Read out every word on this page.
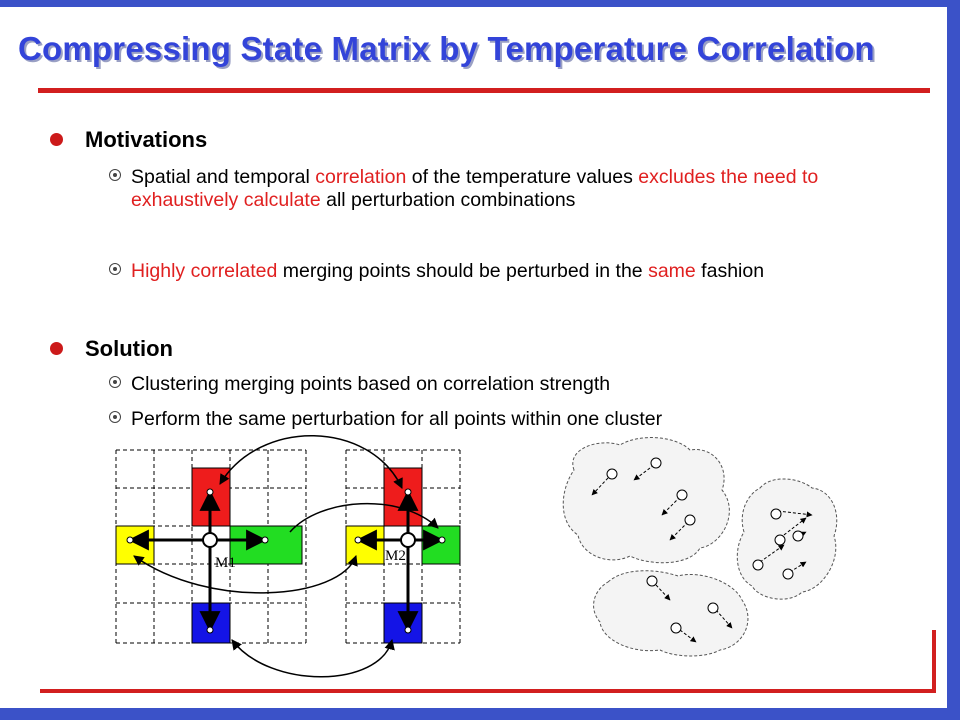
Compressing State Matrix by Temperature Correlation
Motivations
Spatial and temporal correlation of the temperature values excludes the need to exhaustively calculate all perturbation combinations
Highly correlated merging points should be perturbed in the same fashion
Solution
Clustering merging points based on correlation strength
Perform the same perturbation for all points within one cluster
M1	M2
